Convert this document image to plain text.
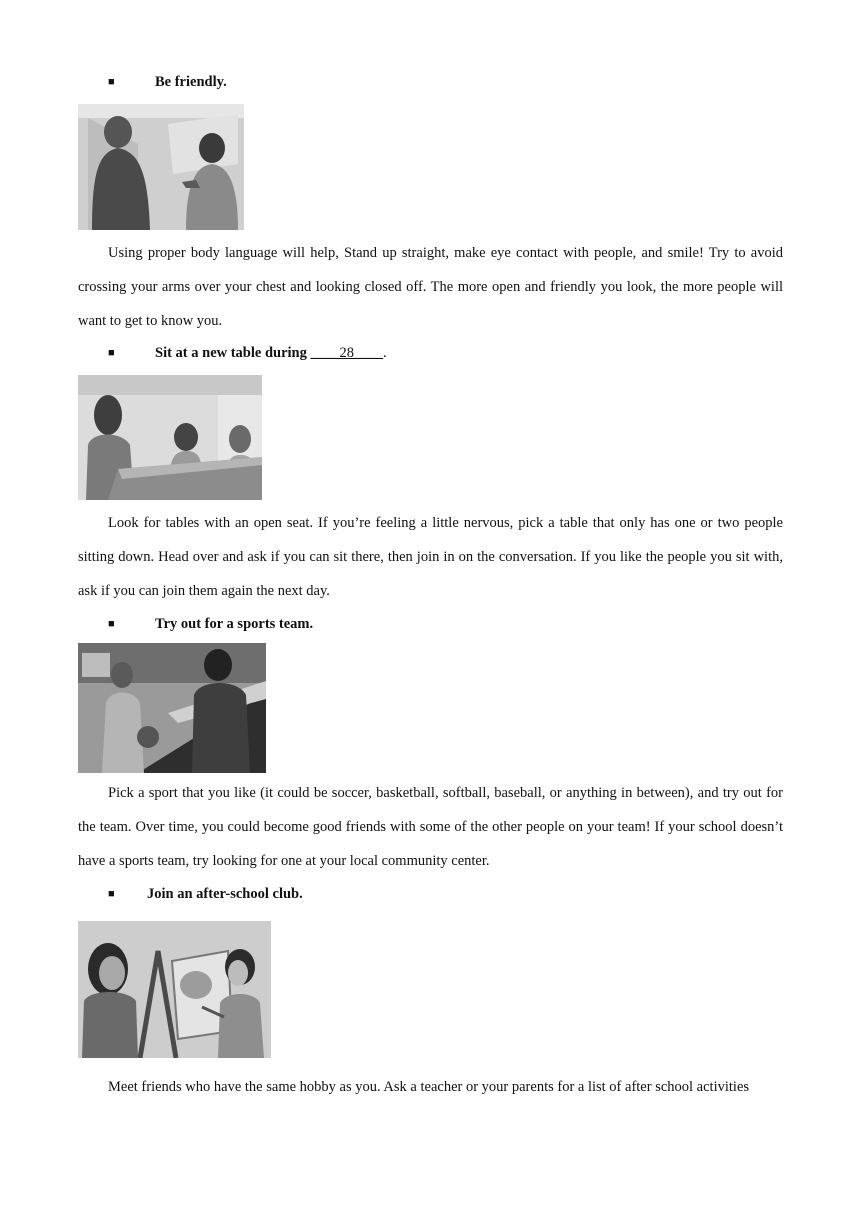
■	Be friendly.
Using proper body language will help, Stand up straight, make eye contact with people, and smile! Try to avoid crossing your arms over your chest and looking closed off. The more open and friendly you look, the more people will want to get to know you.
■	Sit at a new table during ____28____.
Look for tables with an open seat. If you’re feeling a little nervous, pick a table that only has one or two people sitting down. Head over and ask if you can sit there, then join in on the conversation. If you like the people you sit with, ask if you can join them again the next day.
■	Try out for a sports team.
Pick a sport that you like (it could be soccer, basketball, softball, baseball, or anything in between), and try out for the team. Over time, you could become good friends with some of the other people on your team! If your school doesn’t have a sports team, try looking for one at your local community center.
■ Join an after-school club.
Meet friends who have the same hobby as you. Ask a teacher or your parents for a list of after school activities
